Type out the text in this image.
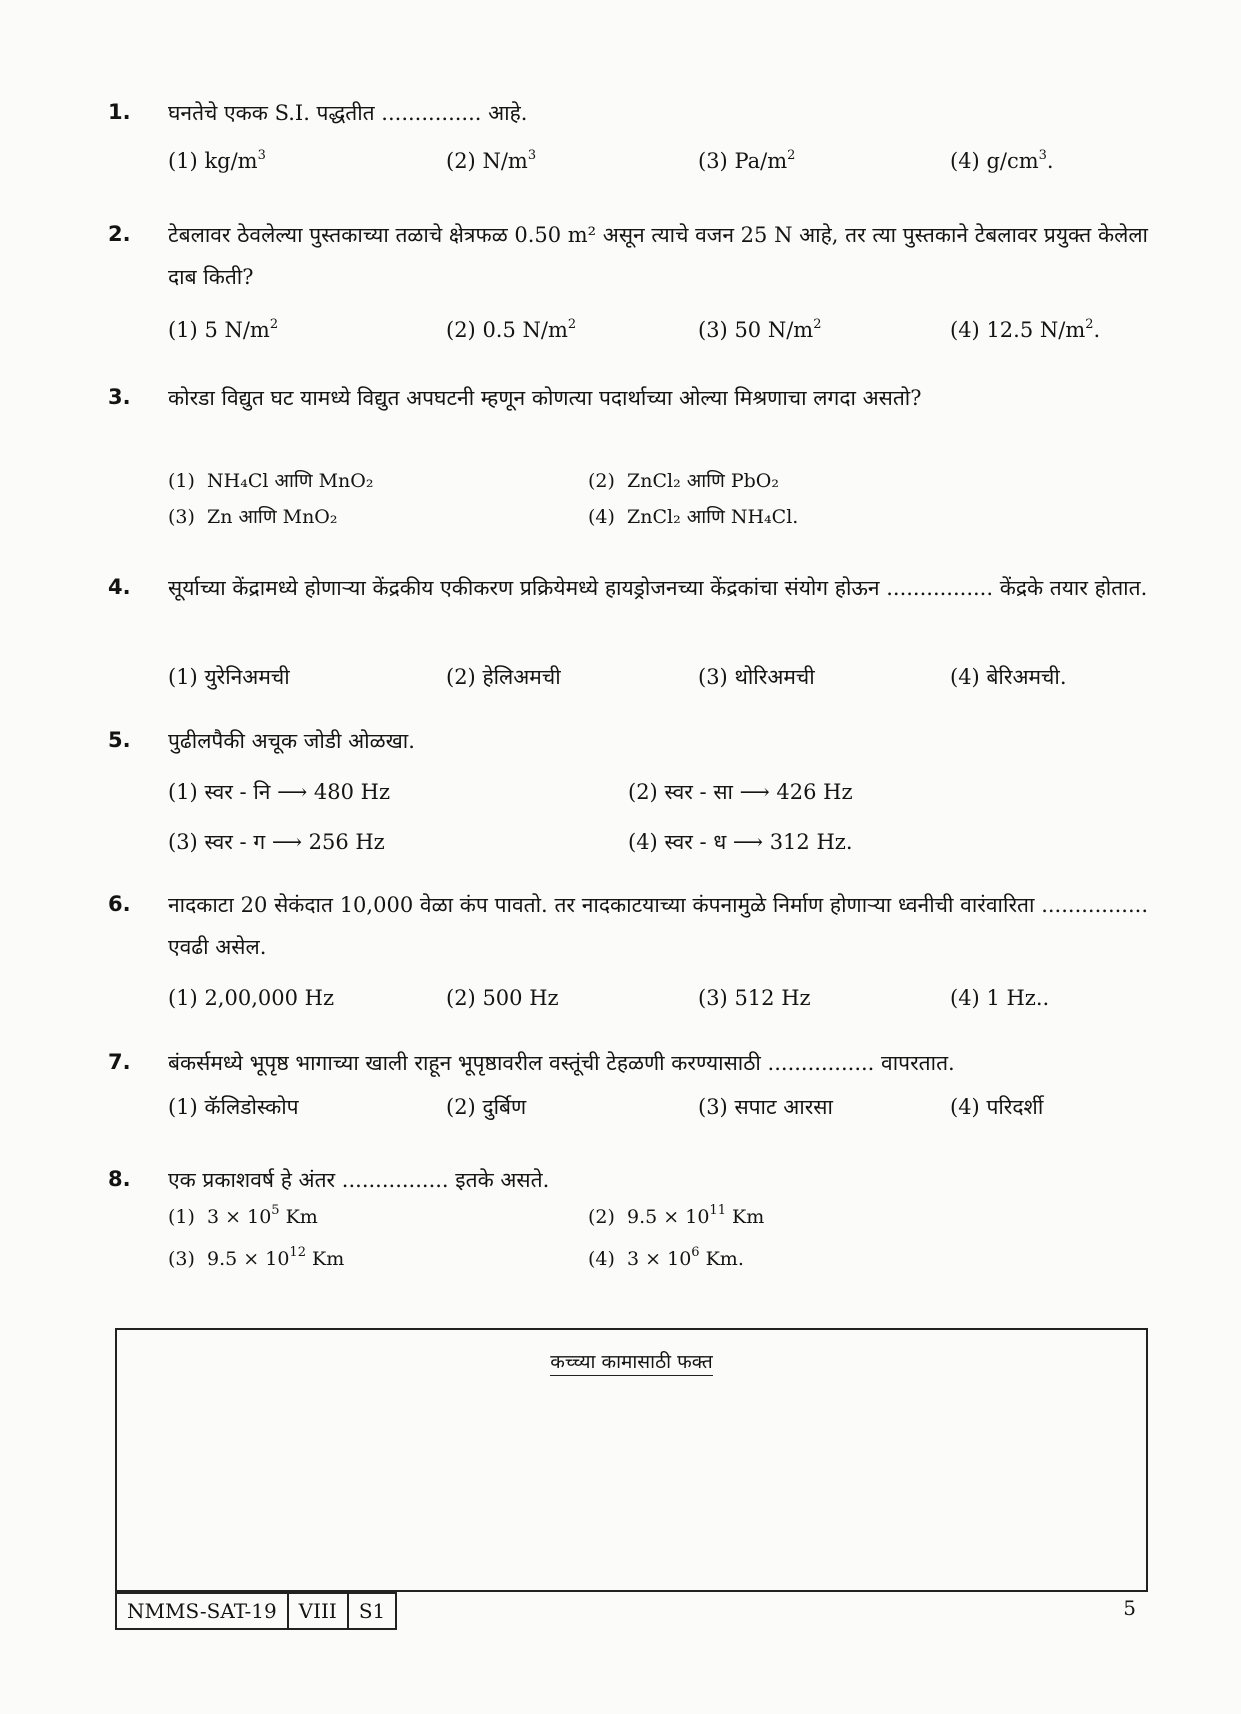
1. घनतेचे एकक S.I. पद्धतीत ............... आहे.
(1) $kg/m^3$	(2) $N/m^3$	(3) $Pa/m^2$	(4) $g/cm^3$.
2. टेबलावर ठेवलेल्या पुस्तकाच्या तळाचे क्षेत्रफळ 0.50 m² असून त्याचे वजन 25 N आहे, तर त्या पुस्तकाने टेबलावर प्रयुक्त केलेला दाब किती?
(1) 5 $N/m^2$	(2) 0.5 $N/m^2$	(3) 50 $N/m^2$	(4) 12.5 $N/m^2$.
3. कोरडा विद्युत घट यामध्ये विद्युत अपघटनी म्हणून कोणत्या पदार्थाच्या ओल्या मिश्रणाचा लगदा असतो?
(1) NH₄Cl आणि MnO₂	(2) ZnCl₂ आणि PbO₂
(3) Zn आणि MnO₂	(4) ZnCl₂ आणि NH₄Cl.
4. सूर्याच्या केंद्रामध्ये होणाऱ्या केंद्रकीय एकीकरण प्रक्रियेमध्ये हायड्रोजनच्या केंद्रकांचा संयोग होऊन ................ केंद्रके तयार होतात.
(1) युरेनिअमची	(2) हेलिअमची	(3) थोरिअमची	(4) बेरिअमची.
5. पुढीलपैकी अचूक जोडी ओळखा.
(1) स्वर - नि ⟶ 480 Hz	(2) स्वर - सा ⟶ 426 Hz
(3) स्वर - ग ⟶ 256 Hz	(4) स्वर - ध ⟶ 312 Hz.
6. नादकाटा 20 सेकंदात 10,000 वेळा कंप पावतो. तर नादकाटयाच्या कंपनामुळे निर्माण होणाऱ्या ध्वनीची वारंवारिता ................ एवढी असेल.
(1) 2,00,000 Hz	(2) 500 Hz	(3) 512 Hz	(4) 1 Hz..
7. बंकर्समध्ये भूपृष्ठ भागाच्या खाली राहून भूपृष्ठावरील वस्तूंची टेहळणी करण्यासाठी ................ वापरतात.
(1) कॅलिडोस्कोप	(2) दुर्बिण	(3) सपाट आरसा	(4) परिदर्शी
8. एक प्रकाशवर्ष हे अंतर ................ इतके असते.
(1) $3 \times 10^5$ Km	(2) $9.5 \times 10^{11}$ Km
(3) $9.5 \times 10^{12}$ Km	(4) $3 \times 10^6$ Km.
कच्च्या कामासाठी फक्त
NMMS-SAT-19	VIII	S1	5
